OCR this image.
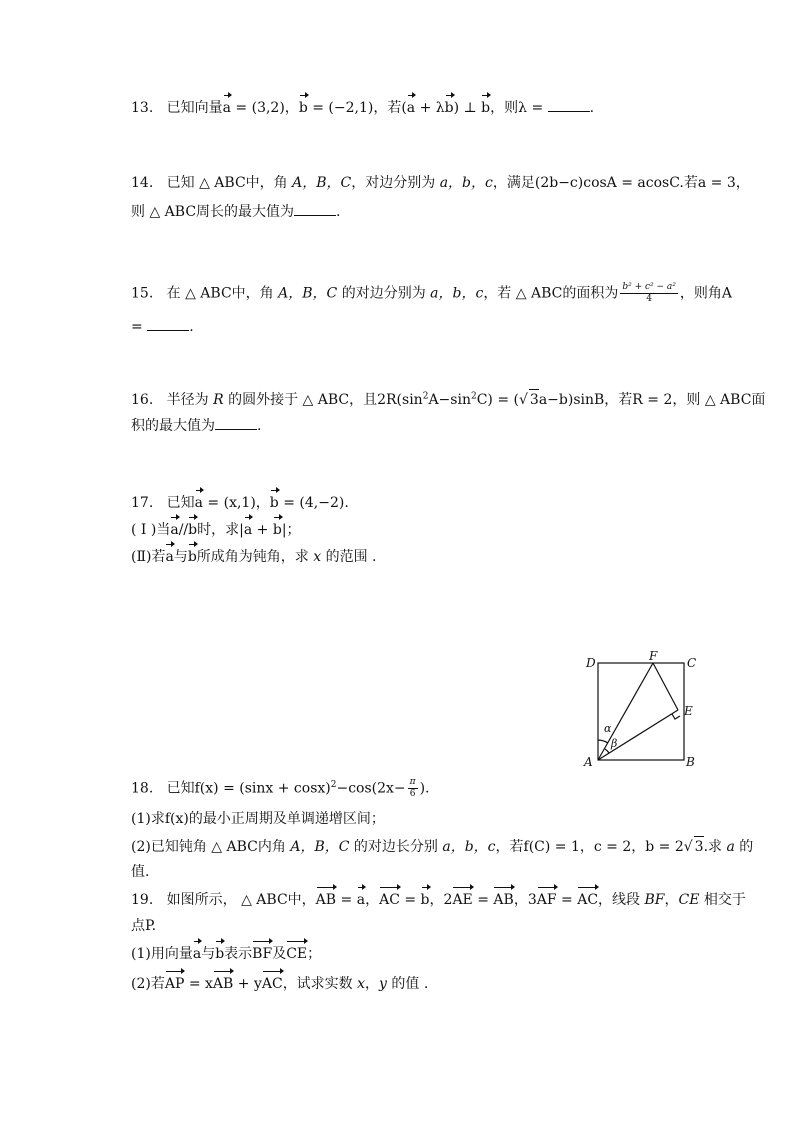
13. 已知向量a = (3,2)，b = (−2,1)，若(a + λb) ⊥ b，则λ =	.
14. 已知 △ ABC中，角 A，B，C，对边分别为 a，b，c，满足(2b−c)cosA = acosC.若a = 3，
则 △ ABC周长的最大值为	.
15. 在 △ ABC中，角 A，B，C 的对边分别为 a，b，c，若 △ ABC的面积为 $\frac{\text{b² + c² − a²}}{4}$ ，则角A
=	.
16. 半径为 R 的圆外接于 △ ABC，且$2R(\sin^2A-\sin^2C)$ = (√ 3a−b)sinB，若R = 2，则 △ ABC面
积的最大值为	.
17. 已知a = (x,1)，b = (4,−2).
( Ⅰ )当a//b时，求|a + b|；
(Ⅱ)若a与b所成角为钝角，求 x 的范围 .
D	F C
E
A	B
α
β
18. 已知$f(x) = (\sin x + \cos x)^2-\cos(2x- \frac{\pi}{6}$ ).
(1)求f(x)的最小正周期及单调递增区间；
(2)已知钝角 △ ABC内角 A，B，C 的对边长分别 a，b，c，若f(C) = 1，c = 2，b = 2√ 3.求 a 的
值.
19. 如图所示， △ ABC中，AB = a，AC = b，2AE = AB，3AF = AC，线段 BF，CE 相交于
点P.
(1)用向量a与b表示BF及CE；
(2)若AP = xAB + yAC，试求实数 x，y 的值 .
